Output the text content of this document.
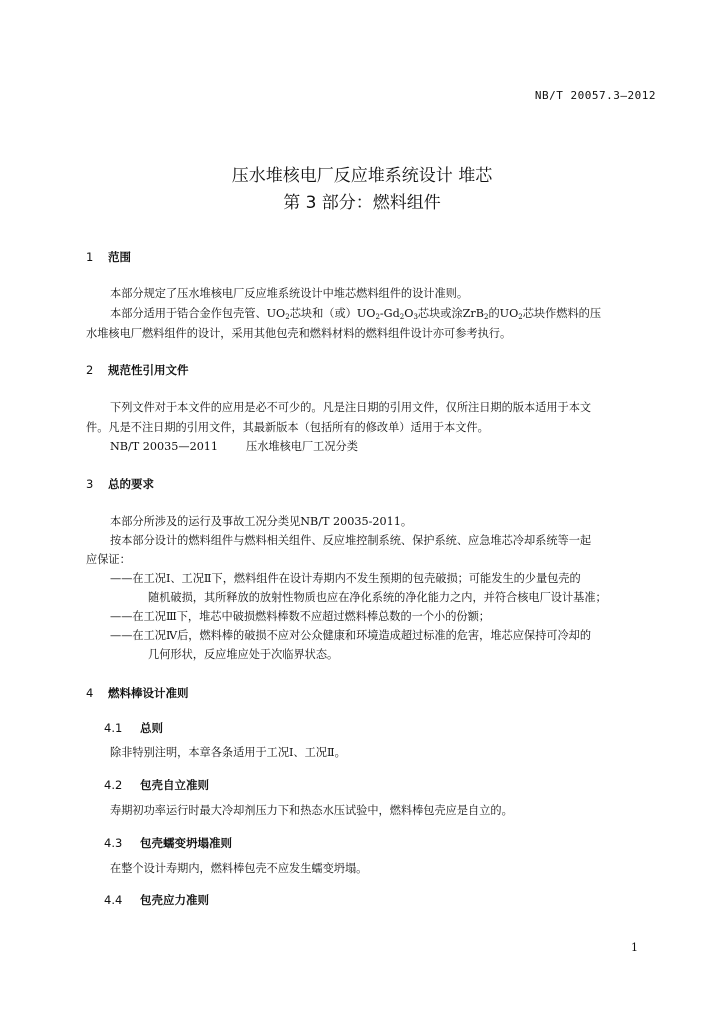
NB/T 20057.3—2012
压水堆核电厂反应堆系统设计 堆芯
第 3 部分：燃料组件
1 范围
本部分规定了压水堆核电厂反应堆系统设计中堆芯燃料组件的设计准则。
本部分适用于锆合金作包壳管、$UO_2$芯块和（或）$UO_2-Gd_2O_3$芯块或涂ZrB$_2$的$UO_2$芯块作燃料的压
水堆核电厂燃料组件的设计，采用其他包壳和燃料材料的燃料组件设计亦可参考执行。
2 规范性引用文件
下列文件对于本文件的应用是必不可少的。凡是注日期的引用文件，仅所注日期的版本适用于本文
件。凡是不注日期的引用文件，其最新版本（包括所有的修改单）适用于本文件。
NB/T 20035—2011	压水堆核电厂工况分类
3 总的要求
本部分所涉及的运行及事故工况分类见NB/T 20035-2011。
按本部分设计的燃料组件与燃料相关组件、反应堆控制系统、保护系统、应急堆芯冷却系统等一起
应保证：
——在工况Ⅰ、工况Ⅱ下，燃料组件在设计寿期内不发生预期的包壳破损；可能发生的少量包壳的
随机破损，其所释放的放射性物质也应在净化系统的净化能力之内，并符合核电厂设计基准；
——在工况Ⅲ下，堆芯中破损燃料棒数不应超过燃料棒总数的一个小的份额；
——在工况Ⅳ后，燃料棒的破损不应对公众健康和环境造成超过标准的危害，堆芯应保持可冷却的
几何形状，反应堆应处于次临界状态。
4 燃料棒设计准则
4.1 总则
除非特别注明，本章各条适用于工况Ⅰ、工况Ⅱ。
4.2 包壳自立准则
寿期初功率运行时最大冷却剂压力下和热态水压试验中，燃料棒包壳应是自立的。
4.3 包壳蠕变坍塌准则
在整个设计寿期内，燃料棒包壳不应发生蠕变坍塌。
4.4 包壳应力准则
1
